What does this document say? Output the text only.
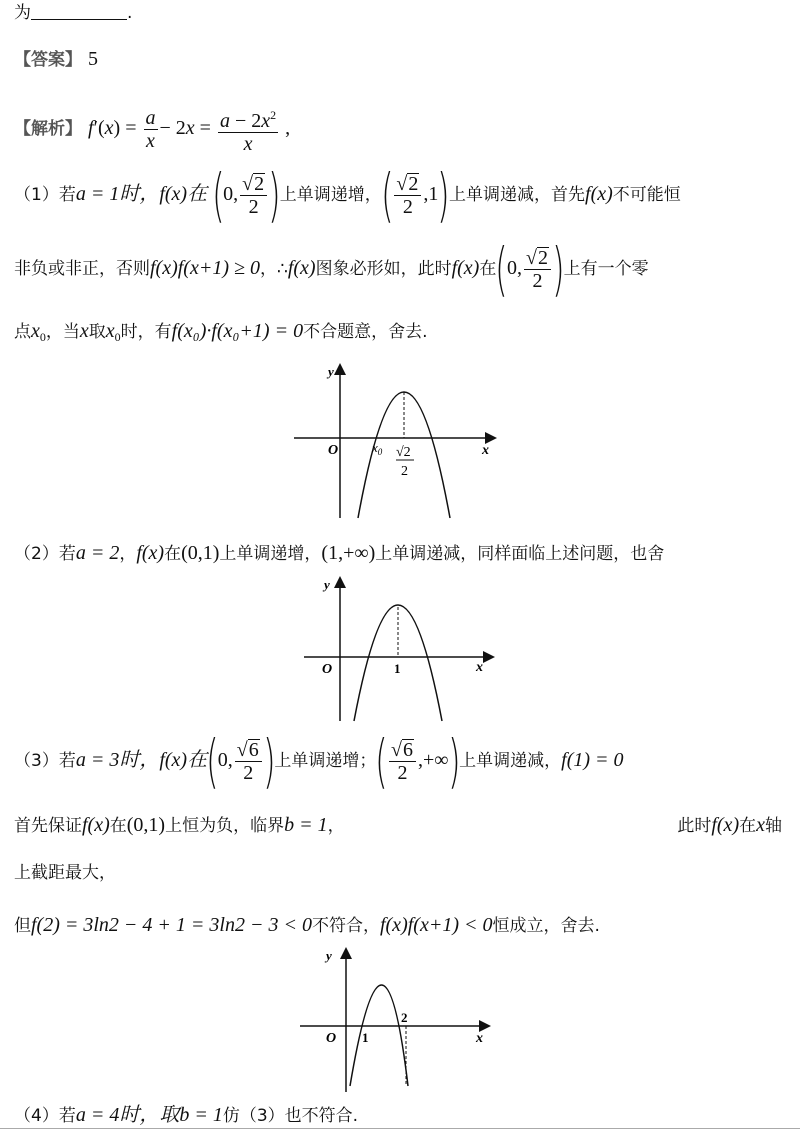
为	.
【答案】 5
【解析】 $f'(x) = \frac{a}{x} - 2x = \frac{a - 2x^2}{x}$ ,
（1）若a = 1时，f(x)在 (0, $\frac{√2}{2}$ )上单调递增，( $\frac{√2}{2} ,1$)上单调递减，首先f(x)不可能恒
非负或非正，否则f(x)f(x+1) ≥ 0，∴f(x)图象必形如，此时f(x)在(0, $\frac{√2}{2}$ )上有一个零
点$x_0$，当x取$x_0$时，有f(x₀)·f(x₀+1) = 0不合题意，舍去.
y
O	x
$x_0$ √2
2
（2）若a = 2，f(x)在(0,1)上单调递增，(1,+∞)上单调递减，同样面临上述问题，也舍
y
O	x
1
（3）若a = 3时，f(x)在(0, $\frac{√6}{2}$ )上单调递增；( $\frac{√6}{2}$ ,+∞)上单调递减，f(1) = 0
首先保证f(x)在(0,1)上恒为负，临界b = 1，	此时f(x)在x轴
上截距最大，
但f(2) = 3ln2 − 4 + 1 = 3ln2 − 3 < 0不符合，f(x)f(x+1) < 0恒成立，舍去.
y
O	x
1
2
（4）若a = 4时，取b = 1仿（3）也不符合.
